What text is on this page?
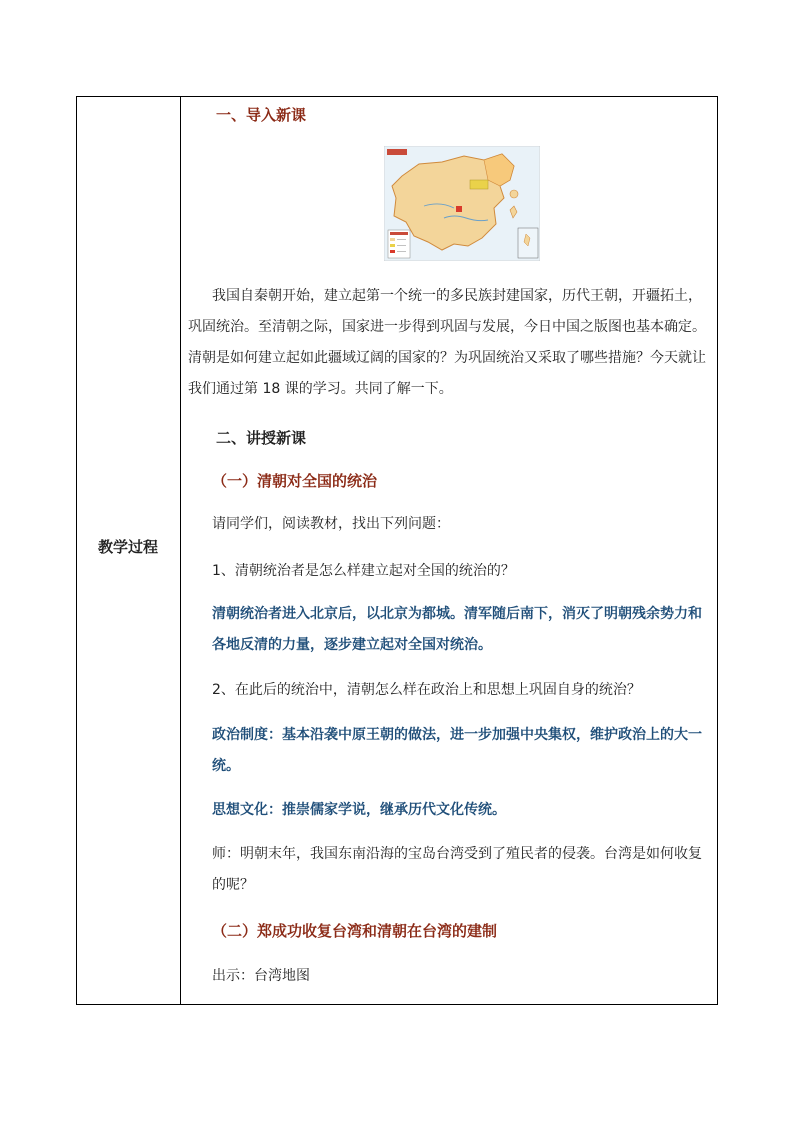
教学过程
一、导入新课
我国自秦朝开始，建立起第一个统一的多民族封建国家，历代王朝，开疆拓土，
巩固统治。至清朝之际，国家进一步得到巩固与发展，今日中国之版图也基本确定。
清朝是如何建立起如此疆域辽阔的国家的？为巩固统治又采取了哪些措施？今天就让
我们通过第 18 课的学习。共同了解一下。
二、讲授新课
（一）清朝对全国的统治
请同学们，阅读教材，找出下列问题：
1、清朝统治者是怎么样建立起对全国的统治的？
清朝统治者进入北京后，以北京为都城。清军随后南下，消灭了明朝残余势力和
各地反清的力量，逐步建立起对全国对统治。
2、在此后的统治中，清朝怎么样在政治上和思想上巩固自身的统治？
政治制度：基本沿袭中原王朝的做法，进一步加强中央集权，维护政治上的大一
统。
思想文化：推崇儒家学说，继承历代文化传统。
师：明朝末年，我国东南沿海的宝岛台湾受到了殖民者的侵袭。台湾是如何收复
的呢？
（二）郑成功收复台湾和清朝在台湾的建制
出示：台湾地图
